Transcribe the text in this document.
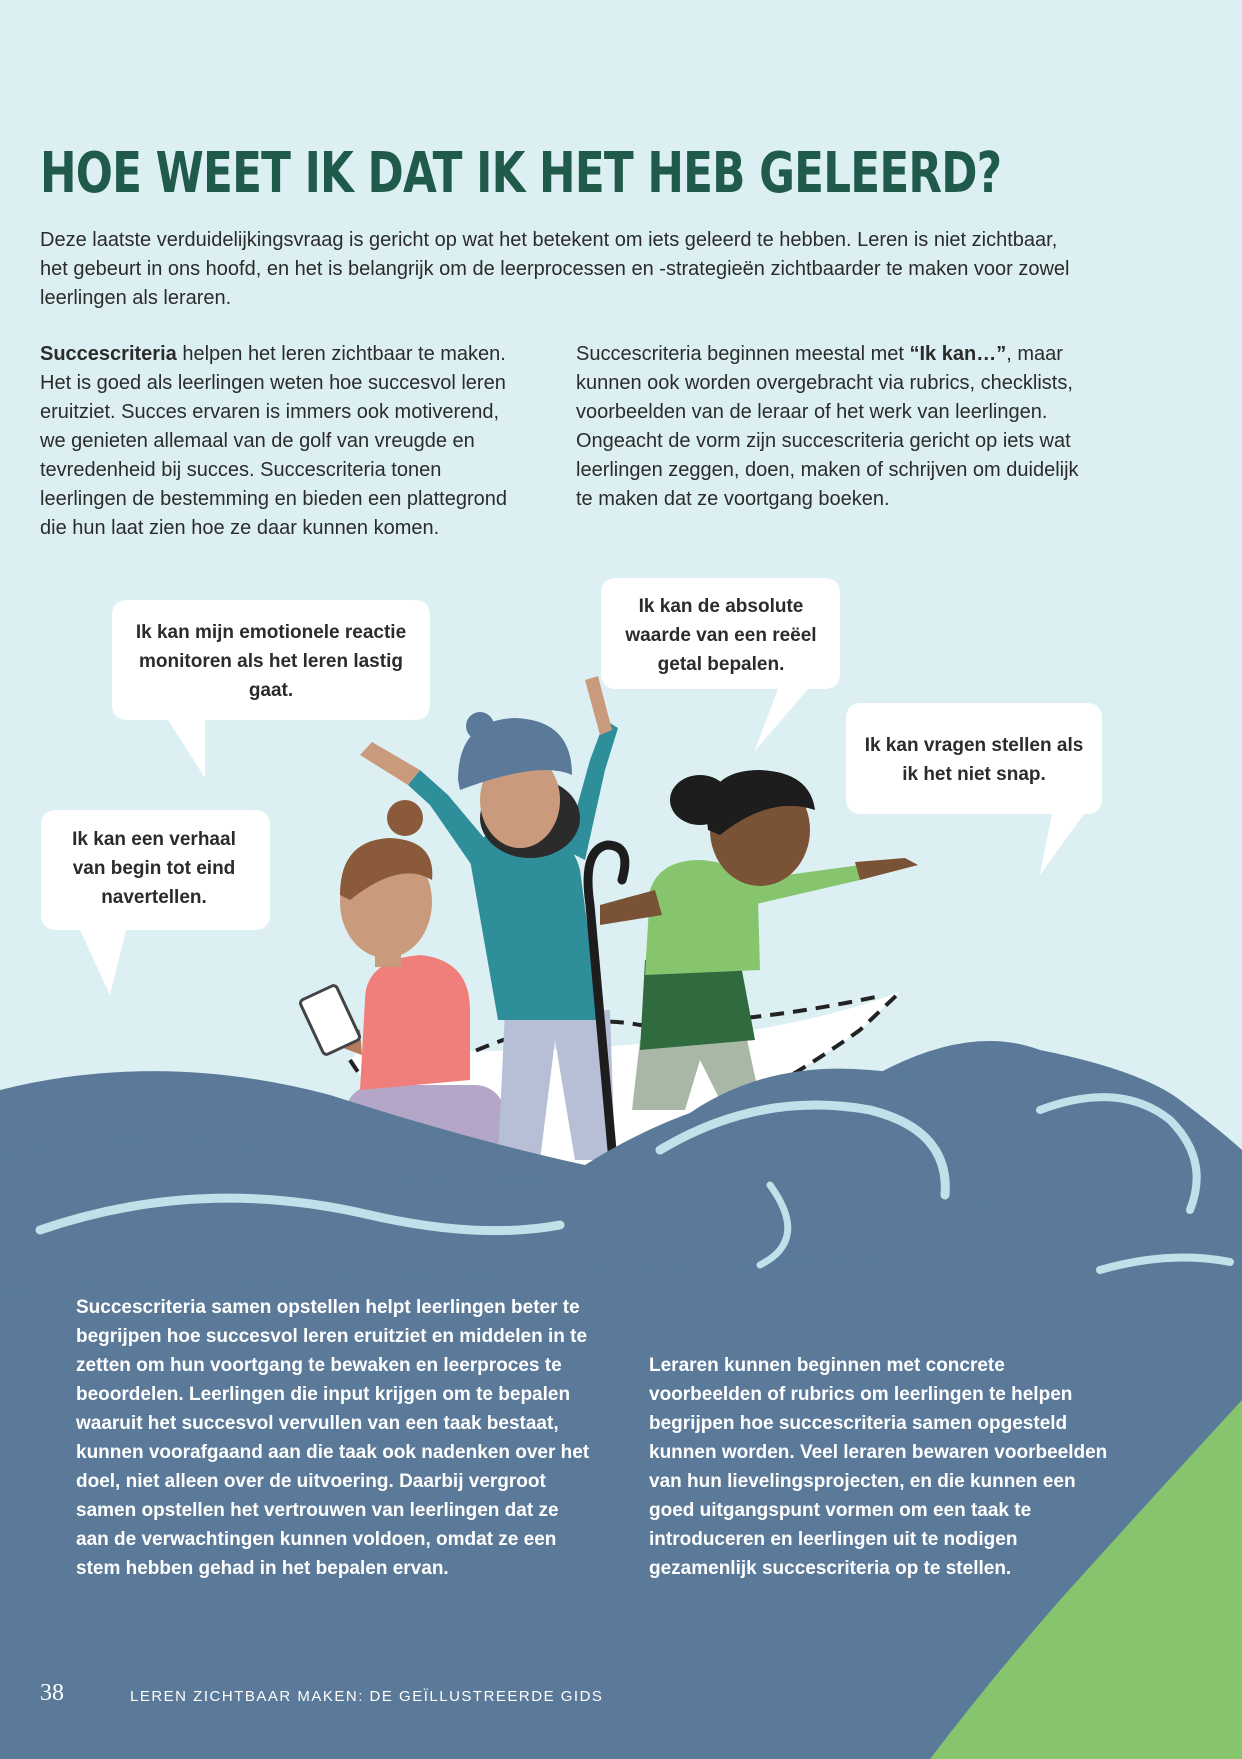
HOE WEET IK DAT IK HET HEB GELEERD?

Deze laatste verduidelijkingsvraag is gericht op wat het betekent om iets geleerd te hebben. Leren is niet zichtbaar, het gebeurt in ons hoofd, en het is belangrijk om de leerprocessen en -strategieën zichtbaarder te maken voor zowel leerlingen als leraren.

Succescriteria helpen het leren zichtbaar te maken. Het is goed als leerlingen weten hoe succesvol leren eruitziet. Succes ervaren is immers ook motiverend, we genieten allemaal van de golf van vreugde en tevredenheid bij succes. Succescriteria tonen leerlingen de bestemming en bieden een plattegrond die hun laat zien hoe ze daar kunnen komen.

Succescriteria beginnen meestal met “Ik kan…”, maar kunnen ook worden overgebracht via rubrics, checklists, voorbeelden van de leraar of het werk van leerlingen. Ongeacht de vorm zijn succescriteria gericht op iets wat leerlingen zeggen, doen, maken of schrijven om duidelijk te maken dat ze voortgang boeken.

Ik kan mijn emotionele reactie monitoren als het leren lastig gaat.

Ik kan de absolute waarde van een reëel getal bepalen.

Ik kan vragen stellen als ik het niet snap.

Ik kan een verhaal van begin tot eind navertellen.

Succescriteria samen opstellen helpt leerlingen beter te begrijpen hoe succesvol leren eruitziet en middelen in te zetten om hun voortgang te bewaken en leerproces te beoordelen. Leerlingen die input krijgen om te bepalen waaruit het succesvol vervullen van een taak bestaat, kunnen voorafgaand aan die taak ook nadenken over het doel, niet alleen over de uitvoering. Daarbij vergroot samen opstellen het vertrouwen van leerlingen dat ze aan de verwachtingen kunnen voldoen, omdat ze een stem hebben gehad in het bepalen ervan.

Leraren kunnen beginnen met concrete voorbeelden of rubrics om leerlingen te helpen begrijpen hoe succescriteria samen opgesteld kunnen worden. Veel leraren bewaren voorbeelden van hun lievelingsprojecten, en die kunnen een goed uitgangspunt vormen om een taak te introduceren en leerlingen uit te nodigen gezamenlijk succescriteria op te stellen.

38	LEREN ZICHTBAAR MAKEN: DE GEÏLLUSTREERDE GIDS
